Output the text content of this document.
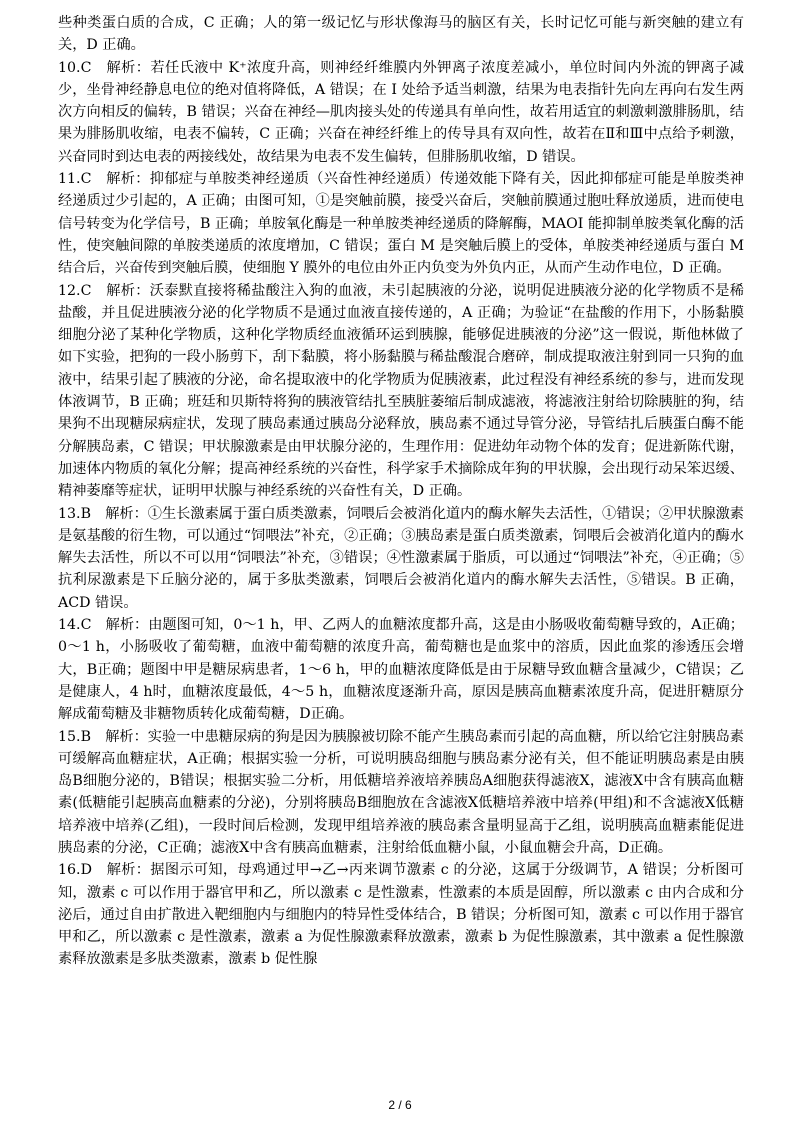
些种类蛋白质的合成，C 正确；人的第一级记忆与形状像海马的脑区有关，长时记忆可能与新突触的建立有关，D 正确。

10.C　解析：若任氏液中 K⁺浓度升高，则神经纤维膜内外钾离子浓度差减小，单位时间内外流的钾离子减少，坐骨神经静息电位的绝对值将降低，A 错误；在 I 处给予适当刺激，结果为电表指针先向左再向右发生两次方向相反的偏转，B 错误；兴奋在神经—肌肉接头处的传递具有单向性，故若用适宜的刺激刺激腓肠肌，结果为腓肠肌收缩，电表不偏转，C 正确；兴奋在神经纤维上的传导具有双向性，故若在Ⅱ和Ⅲ中点给予刺激，兴奋同时到达电表的两接线处，故结果为电表不发生偏转，但腓肠肌收缩，D 错误。

11.C　解析：抑郁症与单胺类神经递质（兴奋性神经递质）传递效能下降有关，因此抑郁症可能是单胺类神经递质过少引起的，A 正确；由图可知，①是突触前膜，接受兴奋后，突触前膜通过胞吐释放递质，进而使电信号转变为化学信号，B 正确；单胺氧化酶是一种单胺类神经递质的降解酶，MAOI 能抑制单胺类氧化酶的活性，使突触间隙的单胺类递质的浓度增加，C 错误；蛋白 M 是突触后膜上的受体，单胺类神经递质与蛋白 M 结合后，兴奋传到突触后膜，使细胞 Y 膜外的电位由外正内负变为外负内正，从而产生动作电位，D 正确。

12.C　解析：沃泰默直接将稀盐酸注入狗的血液，未引起胰液的分泌，说明促进胰液分泌的化学物质不是稀盐酸，并且促进胰液分泌的化学物质不是通过血液直接传递的，A 正确；为验证“在盐酸的作用下，小肠黏膜细胞分泌了某种化学物质，这种化学物质经血液循环运到胰腺，能够促进胰液的分泌”这一假说，斯他林做了如下实验，把狗的一段小肠剪下，刮下黏膜，将小肠黏膜与稀盐酸混合磨碎，制成提取液注射到同一只狗的血液中，结果引起了胰液的分泌，命名提取液中的化学物质为促胰液素，此过程没有神经系统的参与，进而发现体液调节，B 正确；班廷和贝斯特将狗的胰液管结扎至胰脏萎缩后制成滤液，将滤液注射给切除胰脏的狗，结果狗不出现糖尿病症状，发现了胰岛素通过胰岛分泌释放，胰岛素不通过导管分泌，导管结扎后胰蛋白酶不能分解胰岛素，C 错误；甲状腺激素是由甲状腺分泌的，生理作用：促进幼年动物个体的发育；促进新陈代谢，加速体内物质的氧化分解；提高神经系统的兴奋性，科学家手术摘除成年狗的甲状腺，会出现行动呆笨迟缓、精神萎靡等症状，证明甲状腺与神经系统的兴奋性有关，D 正确。

13.B　解析：①生长激素属于蛋白质类激素，饲喂后会被消化道内的酶水解失去活性，①错误；②甲状腺激素是氨基酸的衍生物，可以通过“饲喂法”补充，②正确；③胰岛素是蛋白质类激素，饲喂后会被消化道内的酶水解失去活性，所以不可以用“饲喂法”补充，③错误；④性激素属于脂质，可以通过“饲喂法”补充，④正确；⑤抗利尿激素是下丘脑分泌的，属于多肽类激素，饲喂后会被消化道内的酶水解失去活性，⑤错误。B 正确，ACD 错误。

14.C　解析：由题图可知，0～1 h，甲、乙两人的血糖浓度都升高，这是由小肠吸收葡萄糖导致的，A正确；0～1 h，小肠吸收了葡萄糖，血液中葡萄糖的浓度升高，葡萄糖也是血浆中的溶质，因此血浆的渗透压会增大，B正确；题图中甲是糖尿病患者，1～6 h，甲的血糖浓度降低是由于尿糖导致血糖含量减少，C错误；乙是健康人，4 h时，血糖浓度最低，4～5 h，血糖浓度逐渐升高，原因是胰高血糖素浓度升高，促进肝糖原分解成葡萄糖及非糖物质转化成葡萄糖，D正确。

15.B　解析：实验一中患糖尿病的狗是因为胰腺被切除不能产生胰岛素而引起的高血糖，所以给它注射胰岛素可缓解高血糖症状，A正确；根据实验一分析，可说明胰岛细胞与胰岛素分泌有关，但不能证明胰岛素是由胰岛B细胞分泌的，B错误；根据实验二分析，用低糖培养液培养胰岛A细胞获得滤液X，滤液X中含有胰高血糖素(低糖能引起胰高血糖素的分泌)，分别将胰岛B细胞放在含滤液X低糖培养液中培养(甲组)和不含滤液X低糖培养液中培养(乙组)，一段时间后检测，发现甲组培养液的胰岛素含量明显高于乙组，说明胰高血糖素能促进胰岛素的分泌，C正确；滤液X中含有胰高血糖素，注射给低血糖小鼠，小鼠血糖会升高，D正确。

16.D　解析：据图示可知，母鸡通过甲→乙→丙来调节激素 c 的分泌，这属于分级调节，A 错误；分析图可知，激素 c 可以作用于器官甲和乙，所以激素 c 是性激素，性激素的本质是固醇，所以激素 c 由内合成和分泌后，通过自由扩散进入靶细胞内与细胞内的特异性受体结合，B 错误；分析图可知，激素 c 可以作用于器官甲和乙，所以激素 c 是性激素，激素 a 为促性腺激素释放激素，激素 b 为促性腺激素，其中激素 a 促性腺激素释放激素是多肽类激素，激素 b 促性腺

2 / 6
